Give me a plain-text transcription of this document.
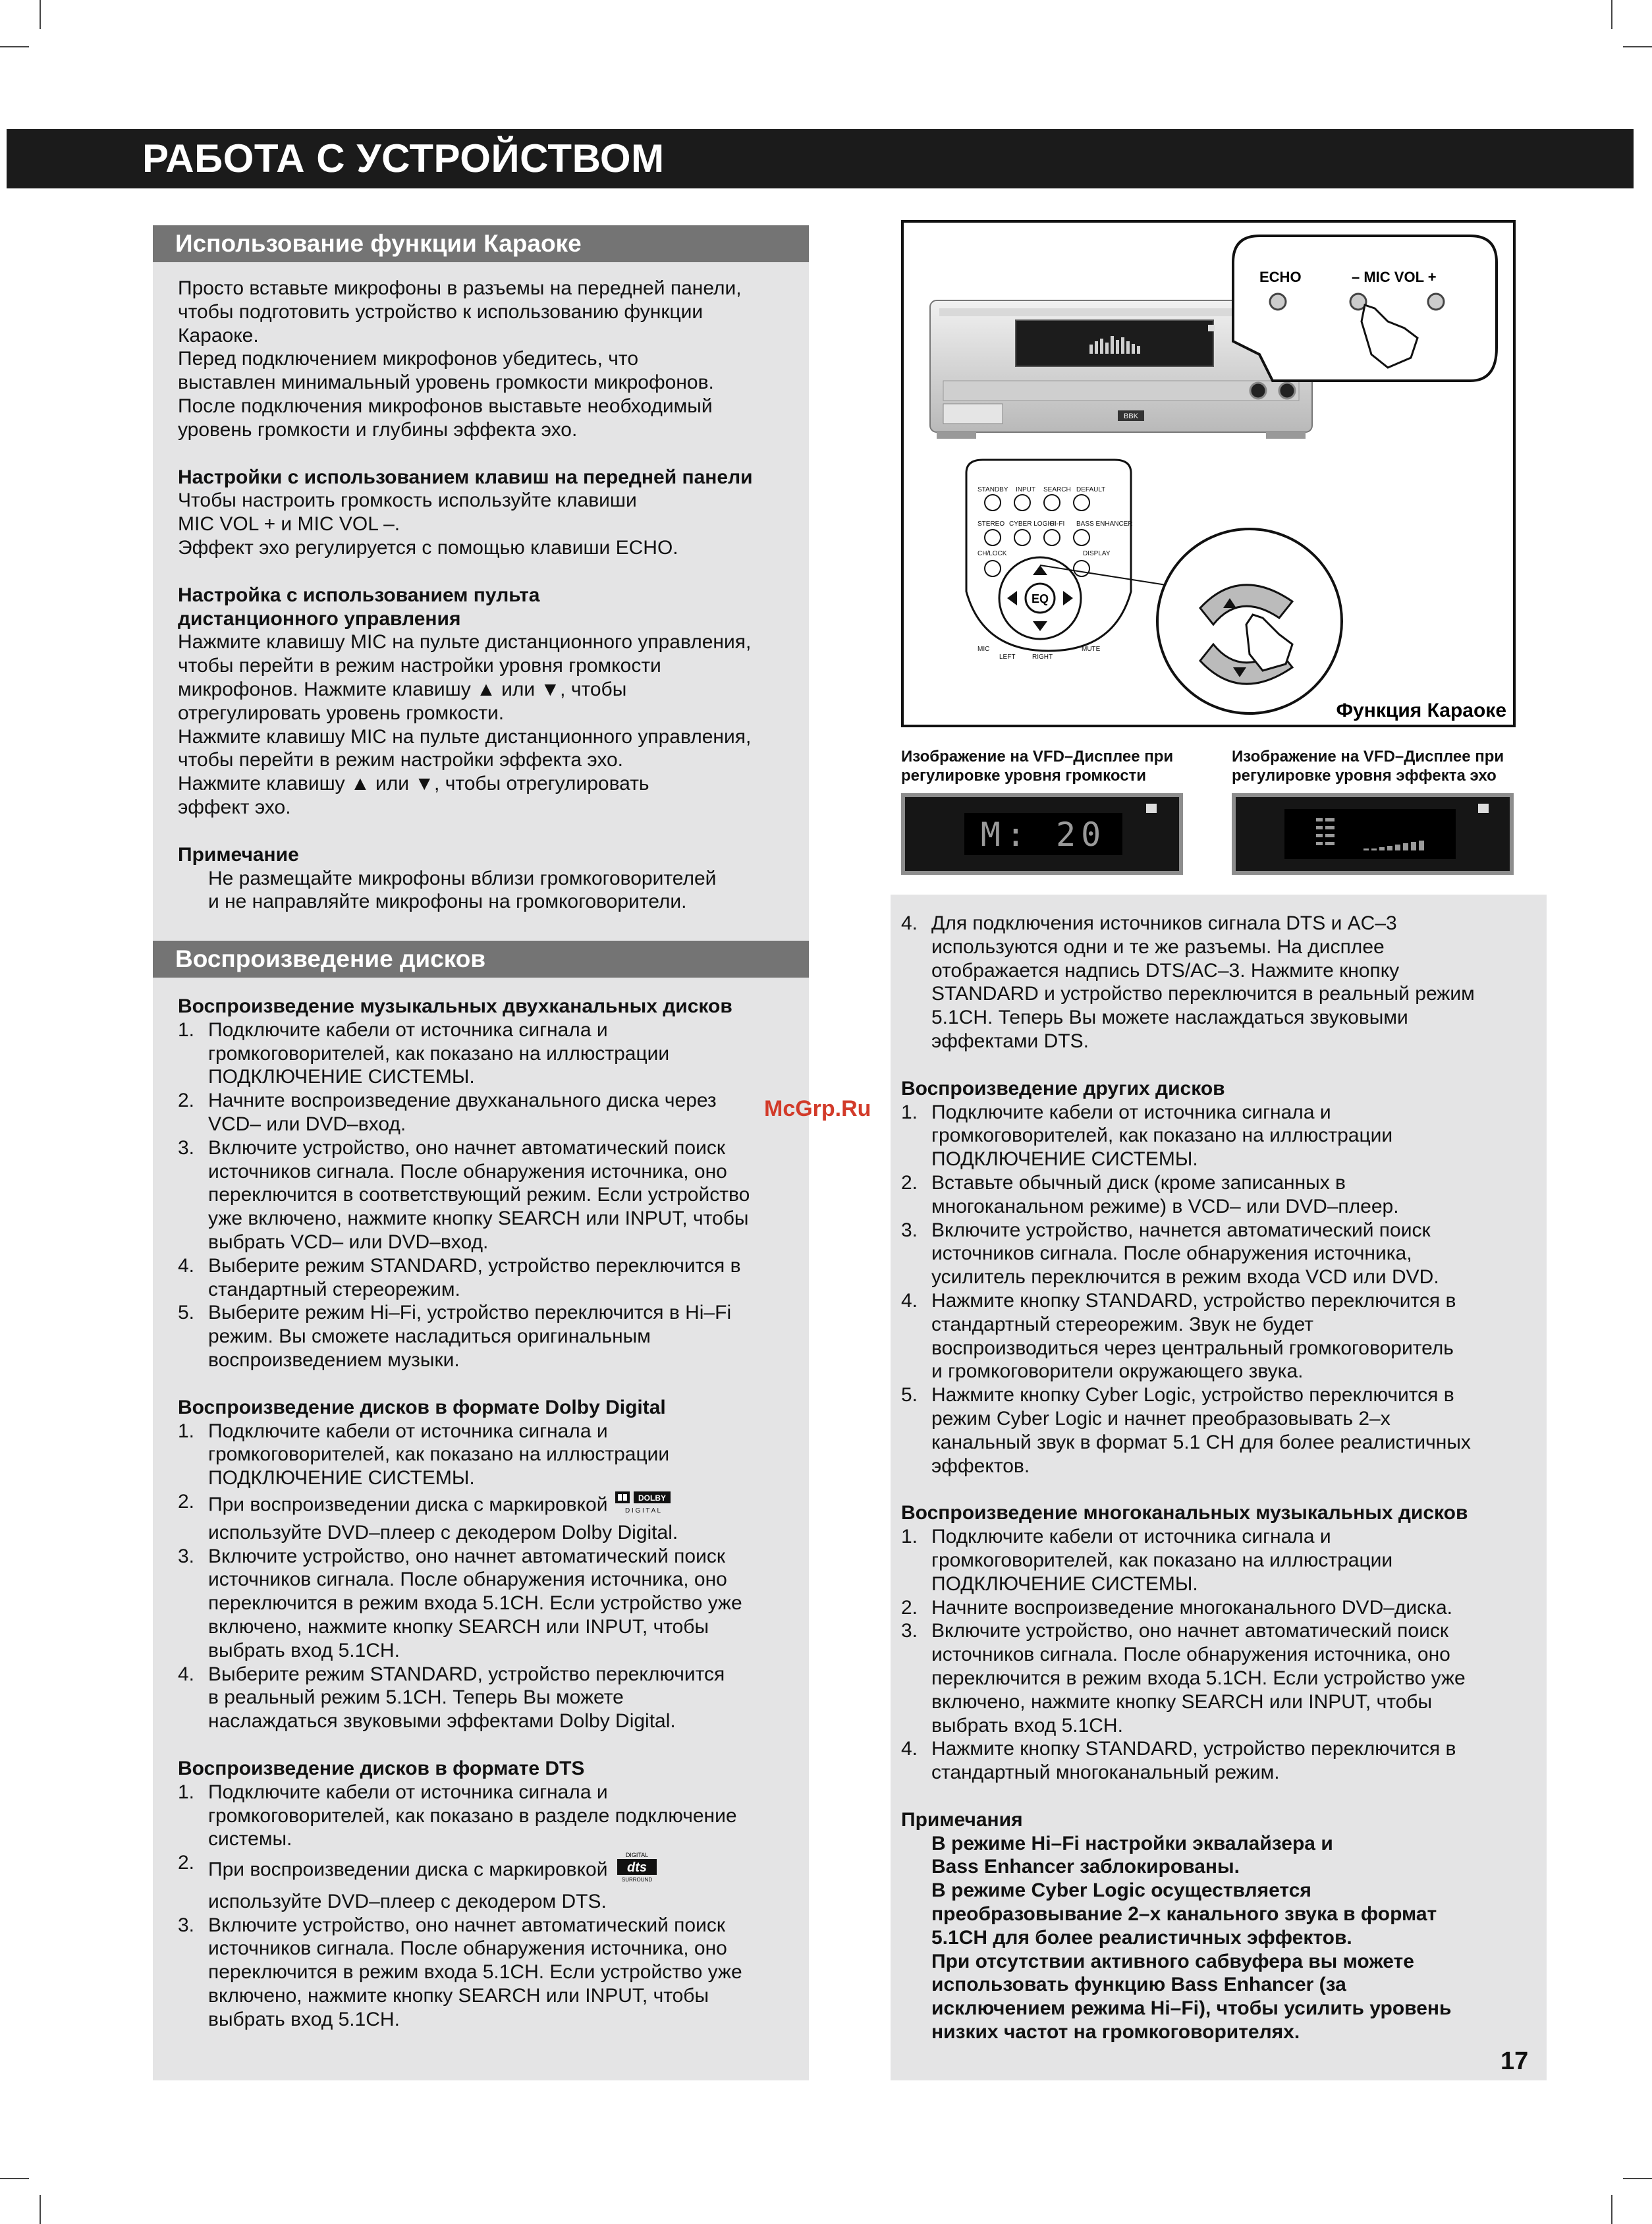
РАБОТА С УСТРОЙСТВОМ
Использование функции Караоке

Просто вставьте микрофоны в разъемы на передней панели,

чтобы подготовить устройство к использованию функции

Караоке.

Перед подключением микрофонов убедитесь, что

выставлен минимальный уровень громкости микрофонов.

После подключения микрофонов выставьте необходимый

уровень громкости и глубины эффекта эхо.

Настройки с использованием клавиш на передней панели

Чтобы настроить громкость используйте клавиши

MIC VOL + и MIC VOL –.

Эффект эхо регулируется с помощью клавиши ECHO.

Настройка с использованием пульта

дистанционного управления

Нажмите клавишу MIC на пульте дистанционного управления,

чтобы перейти в режим настройки уровня громкости

микрофонов. Нажмите клавишу ▲ или ▼, чтобы

отрегулировать уровень громкости.

Нажмите клавишу MIC на пульте дистанционного управления,

чтобы перейти в режим настройки эффекта эхо.

Нажмите клавишу ▲ или ▼, чтобы отрегулировать

эффект эхо.

Примечание

Не размещайте микрофоны вблизи громкоговорителей

и не направляйте микрофоны на громкоговорители.

Воспроизведение дисков

Воспроизведение музыкальных двухканальных дисков

1. Подключите кабели от источника сигнала и

громкоговорителей, как показано на иллюстрации

ПОДКЛЮЧЕНИЕ СИСТЕМЫ.

2. Начните воспроизведение двухканального диска через

VCD– или DVD–вход.

3. Включите устройство, оно начнет автоматический поиск

источников сигнала. После обнаружения источника, оно

переключится в соответствующий режим. Если устройство

уже включено, нажмите кнопку SEARCH или INPUT, чтобы

выбрать VCD– или DVD–вход.

4. Выберите режим STANDARD, устройство переключится в

стандартный стереорежим.

5. Выберите режим Hi–Fi, устройство переключится в Hi–Fi

режим. Вы сможете насладиться оригинальным

воспроизведением музыки.

Воспроизведение дисков в формате Dolby Digital

1. Подключите кабели от источника сигнала и

громкоговорителей, как показано на иллюстрации

ПОДКЛЮЧЕНИЕ СИСТЕМЫ.

2. При воспроизведении диска с маркировкой	DOLBY
D I G I T A L

используйте DVD–плеер с декодером Dolby Digital.

3. Включите устройство, оно начнет автоматический поиск

источников сигнала. После обнаружения источника, оно

переключится в режим входа 5.1CH. Если устройство уже

включено, нажмите кнопку SEARCH или INPUT, чтобы

выбрать вход 5.1CH.

4. Выберите режим STANDARD, устройство переключится

в реальный режим 5.1CH. Теперь Вы можете

наслаждаться звуковыми эффектами Dolby Digital.

Воспроизведение дисков в формате DTS

1. Подключите кабели от источника сигнала и

громкоговорителей, как показано в разделе подключение

системы.

2. При воспроизведении диска с маркировкой
DIGITAL
dts
SURROUND

используйте DVD–плеер с декодером DTS.

3. Включите устройство, оно начнет автоматический поиск

источников сигнала. После обнаружения источника, оно

переключится в режим входа 5.1CH. Если устройство уже

включено, нажмите кнопку SEARCH или INPUT, чтобы

выбрать вход 5.1CH.

BBK
ECHO	– MIC VOL +
STANDBY INPUT SEARCH DEFAULT
STEREO CYBER LOGIC
HI-FI BASS ENHANCER
CH/LOCK	DISPLAY
MIC
LEFT	RIGHT
MUTE
EQ
Функция Караоке
Изображение на VFD–Дисплее при
регулировке уровня громкости
Изображение на VFD–Дисплее при
регулировке уровня эффекта эхо
M: 20
4. Для подключения источников сигнала DTS и AC–3

используются одни и те же разъемы. На дисплее

отображается надпись DTS/AC–3. Нажмите кнопку

STANDARD и устройство переключится в реальный режим

5.1CH. Теперь Вы можете наслаждаться звуковыми

эффектами DTS.

Воспроизведение других дисков

1. Подключите кабели от источника сигнала и

громкоговорителей, как показано на иллюстрации

ПОДКЛЮЧЕНИЕ СИСТЕМЫ.

2. Вставьте обычный диск (кроме записанных в

многоканальном режиме) в VCD– или DVD–плеер.

3. Включите устройство, начнется автоматический поиск

источников сигнала. После обнаружения источника,

усилитель переключится в режим входа VCD или DVD.

4. Нажмите кнопку STANDARD, устройство переключится в

стандартный стереорежим. Звук не будет

воспроизводиться через центральный громкоговоритель

и громкоговорители окружающего звука.

5. Нажмите кнопку Cyber Logic, устройство переключится в

режим Cyber Logic и начнет преобразовывать 2–х

канальный звук в формат 5.1 CH для более реалистичных

эффектов.

Воспроизведение многоканальных музыкальных дисков

1. Подключите кабели от источника сигнала и

громкоговорителей, как показано на иллюстрации

ПОДКЛЮЧЕНИЕ СИСТЕМЫ.

2. Начните воспроизведение многоканального DVD–диска.

3. Включите устройство, оно начнет автоматический поиск

источников сигнала. После обнаружения источника, оно

переключится в режим входа 5.1CH. Если устройство уже

включено, нажмите кнопку SEARCH или INPUT, чтобы

выбрать вход 5.1CH.

4. Нажмите кнопку STANDARD, устройство переключится в

стандартный многоканальный режим.

Примечания

В режиме Hi–Fi настройки эквалайзера и

Bass Enhancer заблокированы.

В режиме Cyber Logic осуществляется

преобразовывание 2–х канального звука в формат

5.1CH для более реалистичных эффектов.

При отсутствии активного сабвуфера вы можете

использовать функцию Bass Enhancer (за

исключением режима Hi–Fi), чтобы усилить уровень

низких частот на громкоговорителях.

McGrp.Ru
17
